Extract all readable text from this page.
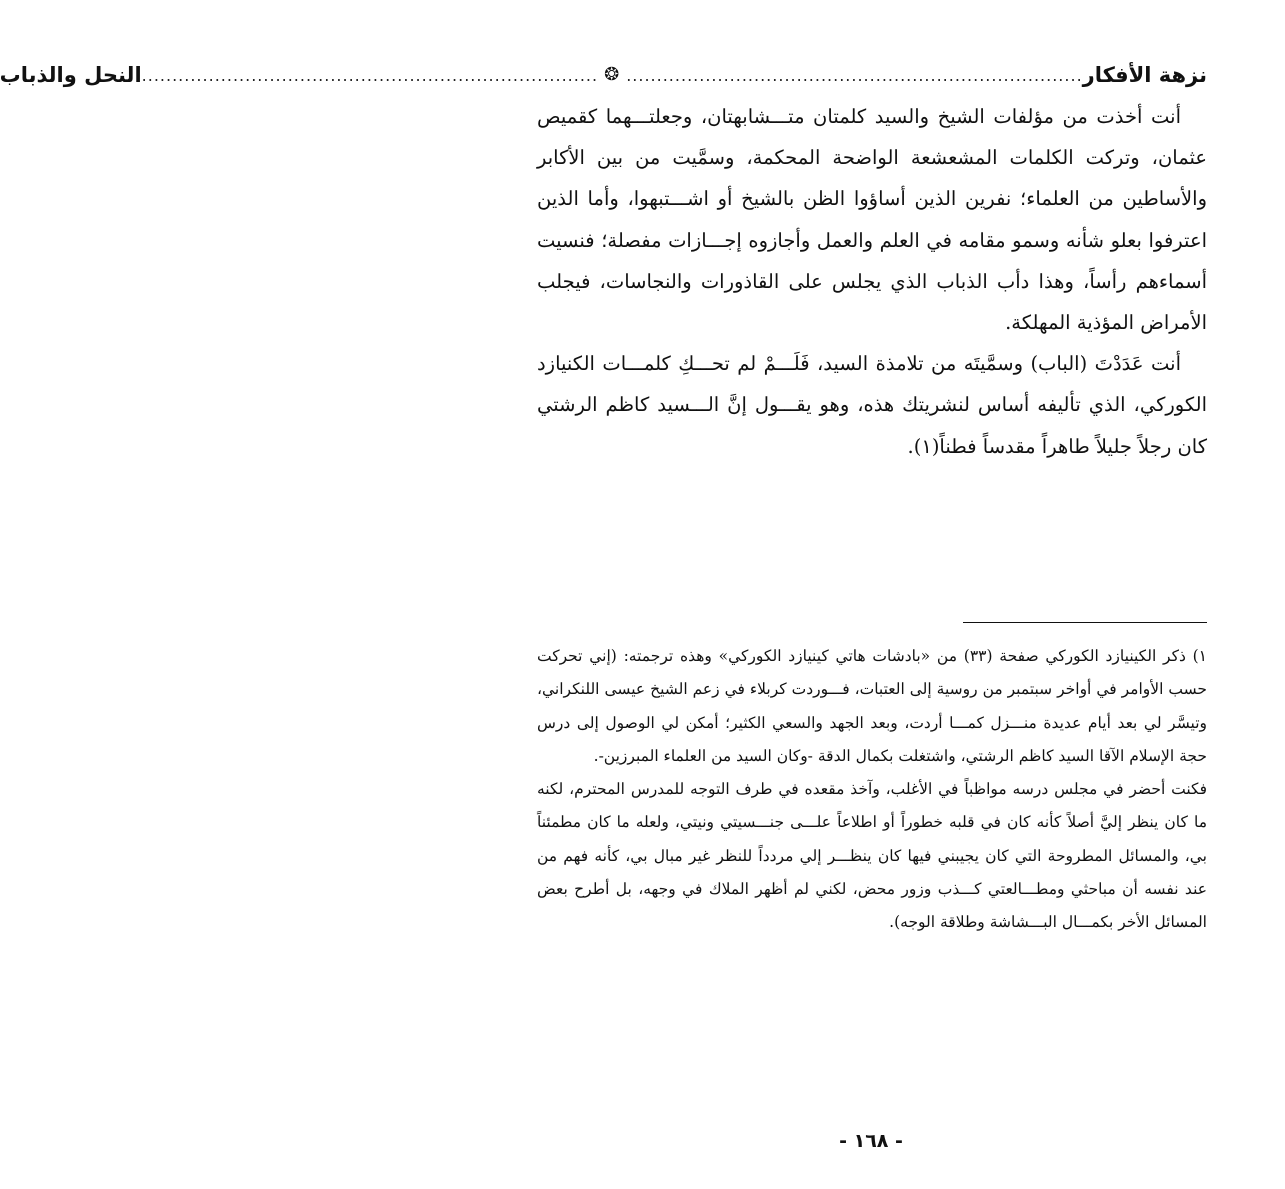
نزهة الأفكار
........................................................................... ❂ ...........................................................................
النحل والذباب

أنت أخذت من مؤلفات الشيخ والسيد كلمتان متـــشابهتان، وجعلتـــهما كقميص عثمان، وتركت الكلمات المشعشعة الواضحة المحكمة، وسمَّيت من بين الأكابر والأساطين من العلماء؛ نفرين الذين أساؤوا الظن بالشيخ أو اشـــتبهوا، وأما الذين اعترفوا بعلو شأنه وسمو مقامه في العلم والعمل وأجازوه إجـــازات مفصلة؛ فنسيت أسماءهم رأساً، وهذا دأب الذباب الذي يجلس على القاذورات والنجاسات، فيجلب الأمراض المؤذية المهلكة.

أنت عَدَدْتَ (الباب) وسمَّيتَه من تلامذة السيد، فَلَـــمْ لم تحـــكِ كلمـــات الكنيازد الكوركي، الذي تأليفه أساس لنشريتك هذه، وهو يقـــول إنَّ الـــسيد كاظم الرشتي كان رجلاً جليلاً طاهراً مقدساً فطناً(١).

١) ذكر الكينيازد الكوركي صفحة (٣٣) من «بادشات هاتي كينيازد الكوركي» وهذه ترجمته: (إني تحركت حسب الأوامر في أواخر سبتمبر من روسية إلى العتبات، فـــوردت كربلاء في زعم الشيخ عيسى اللنكراني، وتيسَّر لي بعد أيام عديدة منـــزل كمـــا أردت، وبعد الجهد والسعي الكثير؛ أمكن لي الوصول إلى درس حجة الإسلام الآقا السيد كاظم الرشتي، واشتغلت بكمال الدقة -وكان السيد من العلماء المبرزين-.

فكنت أحضر في مجلس درسه مواظباً في الأغلب، وآخذ مقعده في طرف التوجه للمدرس المحترم، لكنه ما كان ينظر إليَّ أصلاً كأنه كان في قلبه خطوراً أو اطلاعاً علـــى جنـــسيتي ونيتي، ولعله ما كان مطمئناً بي، والمسائل المطروحة التي كان يجيبني فيها كان ينظـــر إلي مردداً للنظر غير مبال بي، كأنه فهم من عند نفسه أن مباحثي ومطـــالعتي كـــذب وزور محض، لكني لم أظهر الملاك في وجهه، بل أطرح بعض المسائل الأخر بكمـــال البـــشاشة وطلاقة الوجه).

- ١٦٨ -
